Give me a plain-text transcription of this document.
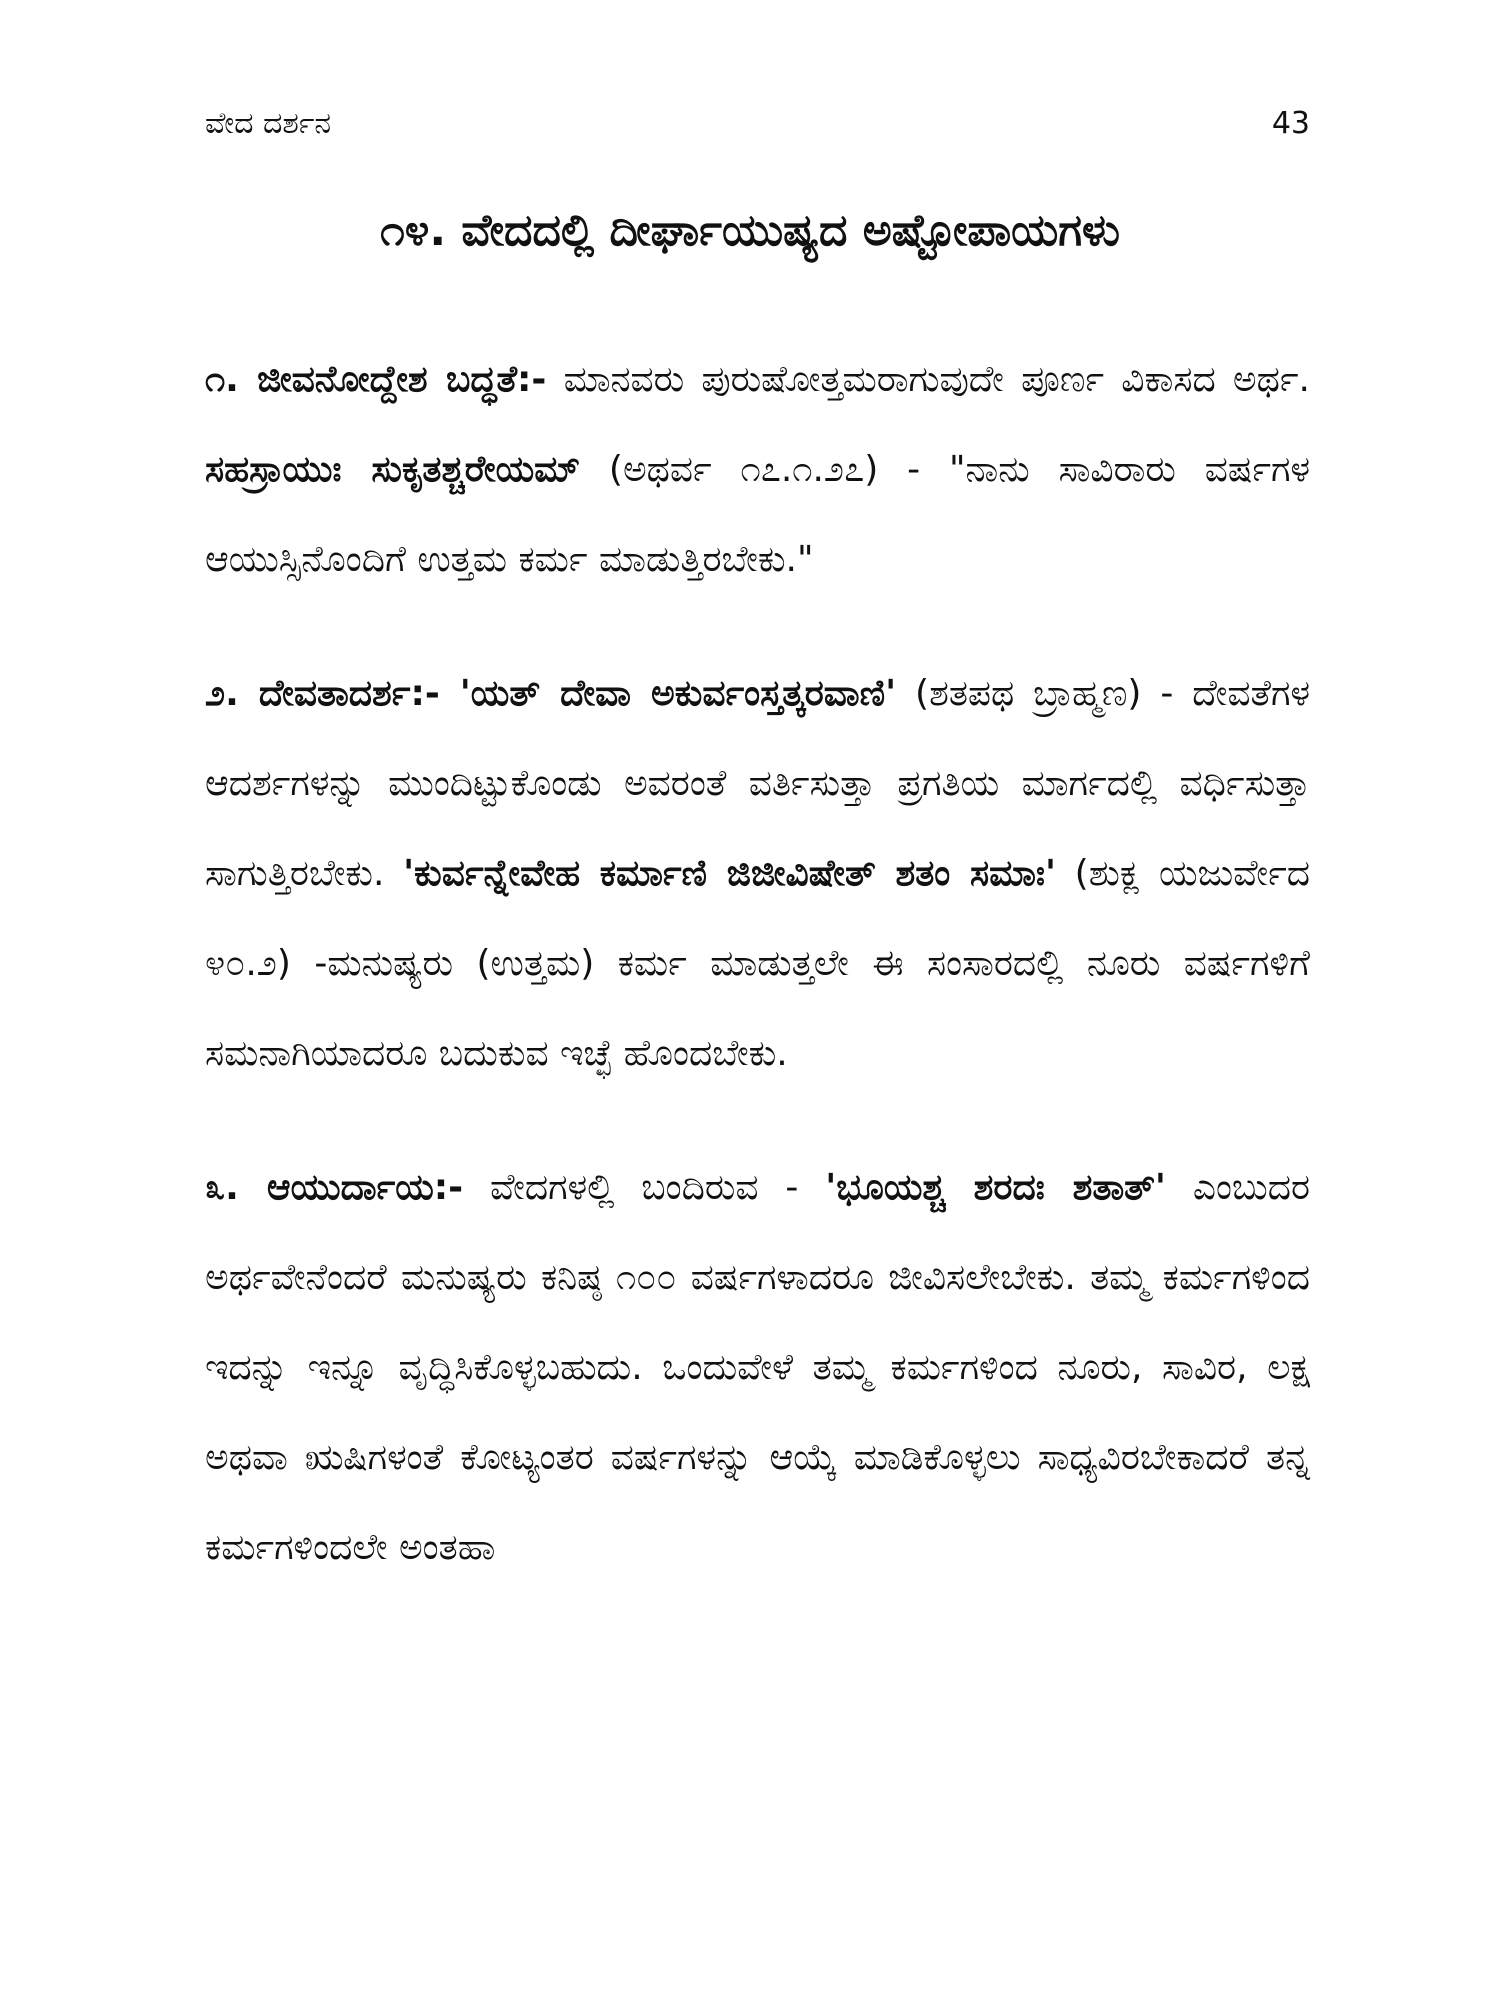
ವೇದ ದರ್ಶನ	43
೧೪. ವೇದದಲ್ಲಿ ದೀರ್ಘಾಯುಷ್ಯದ ಅಷ್ಟೋಪಾಯಗಳು

೧. ಜೀವನೋದ್ದೇಶ ಬದ್ಧತೆ:- ಮಾನವರು ಪುರುಷೋತ್ತಮರಾಗುವುದೇ ಪೂರ್ಣ ವಿಕಾಸದ ಅರ್ಥ. ಸಹಸ್ರಾಯುಃ ಸುಕೃತಶ್ಚರೇಯಮ್ (ಅಥರ್ವ ೧೭.೧.೨೭) - "ನಾನು ಸಾವಿರಾರು ವರ್ಷಗಳ ಆಯುಸ್ಸಿನೊಂದಿಗೆ ಉತ್ತಮ ಕರ್ಮ ಮಾಡುತ್ತಿರಬೇಕು."

೨. ದೇವತಾದರ್ಶ:- 'ಯತ್ ದೇವಾ ಅಕುರ್ವಂಸ್ತತ್ಕರವಾಣಿ' (ಶತಪಥ ಬ್ರಾಹ್ಮಣ) - ದೇವತೆಗಳ ಆದರ್ಶಗಳನ್ನು ಮುಂದಿಟ್ಟುಕೊಂಡು ಅವರಂತೆ ವರ್ತಿಸುತ್ತಾ ಪ್ರಗತಿಯ ಮಾರ್ಗದಲ್ಲಿ ವರ್ಧಿಸುತ್ತಾ ಸಾಗುತ್ತಿರಬೇಕು. 'ಕುರ್ವನ್ನೇವೇಹ ಕರ್ಮಾಣಿ ಜಿಜೀವಿಷೇತ್ ಶತಂ ಸಮಾಃ' (ಶುಕ್ಲ ಯಜುರ್ವೇದ ೪೦.೨) -ಮನುಷ್ಯರು (ಉತ್ತಮ) ಕರ್ಮ ಮಾಡುತ್ತಲೇ ಈ ಸಂಸಾರದಲ್ಲಿ ನೂರು ವರ್ಷಗಳಿಗೆ ಸಮನಾಗಿಯಾದರೂ ಬದುಕುವ ಇಚ್ಛೆ ಹೊಂದಬೇಕು.

೩. ಆಯುರ್ದಾಯ:- ವೇದಗಳಲ್ಲಿ ಬಂದಿರುವ - 'ಭೂಯಶ್ಚ ಶರದಃ ಶತಾತ್' ಎಂಬುದರ ಅರ್ಥವೇನೆಂದರೆ ಮನುಷ್ಯರು ಕನಿಷ್ಠ ೧೦೦ ವರ್ಷಗಳಾದರೂ ಜೀವಿಸಲೇಬೇಕು. ತಮ್ಮ ಕರ್ಮಗಳಿಂದ ಇದನ್ನು ಇನ್ನೂ ವೃದ್ಧಿಸಿಕೊಳ್ಳಬಹುದು. ಒಂದುವೇಳೆ ತಮ್ಮ ಕರ್ಮಗಳಿಂದ ನೂರು, ಸಾವಿರ, ಲಕ್ಷ ಅಥವಾ ಋಷಿಗಳಂತೆ ಕೋಟ್ಯಂತರ ವರ್ಷಗಳನ್ನು ಆಯ್ಕೆ ಮಾಡಿಕೊಳ್ಳಲು ಸಾಧ್ಯವಿರಬೇಕಾದರೆ ತನ್ನ ಕರ್ಮಗಳಿಂದಲೇ ಅಂತಹಾ
